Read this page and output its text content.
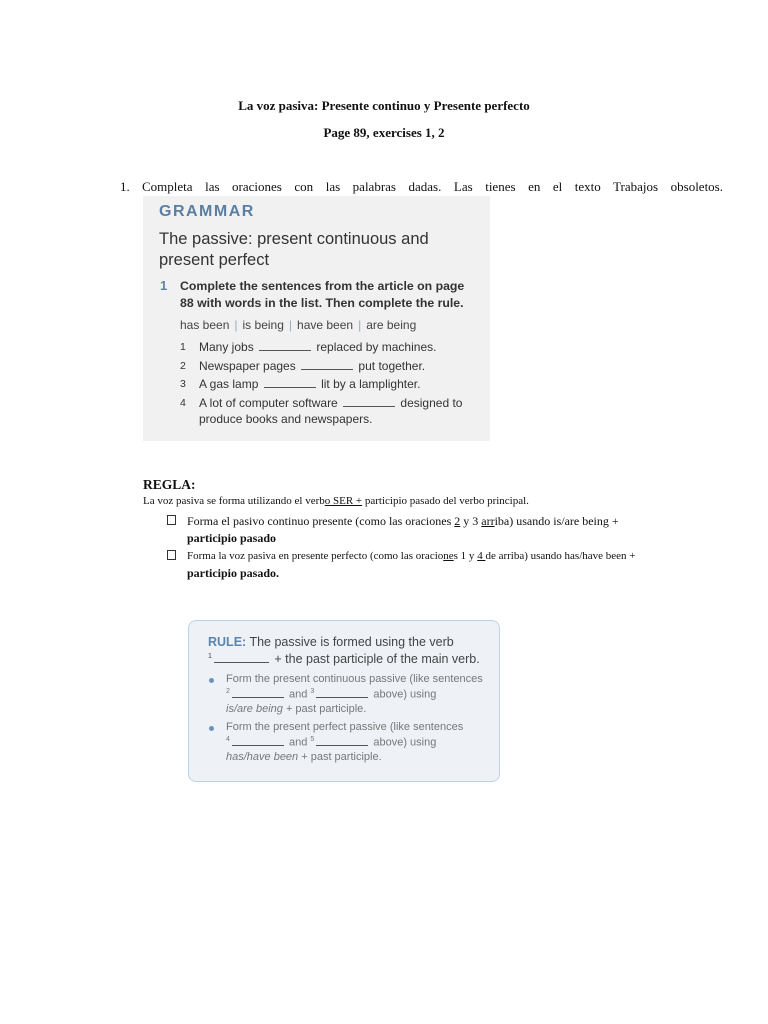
La voz pasiva: Presente continuo y Presente perfecto
Page 89, exercises 1, 2
1. Completa las oraciones con las palabras dadas. Las tienes en el texto Trabajos obsoletos.
GRAMMAR
The passive: present continuous and
present perfect
1 Complete the sentences from the article on page
88 with words in the list. Then complete the rule.
has been | is being | have been | are being
1 Many jobs	replaced by machines.
2 Newspaper pages	put together.
3 A gas lamp	lit by a lamplighter.
4 A lot of computer software	designed to
produce books and newspapers.
REGLA:
La voz pasiva se forma utilizando el verbo SER + participio pasado del verbo principal.
Forma el pasivo continuo presente (como las oraciones 2 y 3 arriba) usando is/are being +
participio pasado
Forma la voz pasiva en presente perfecto (como las oraciones 1 y 4 de arriba) usando has/have been +
participio pasado.
RULE: The passive is formed using the verb
$^1$	+ the past participle of the main verb.
Form the present continuous passive (like sentences
$^2$	and $^3$	above) using
is/are being + past participle.
Form the present perfect passive (like sentences
$^4$	and $^5$	above) using
has/have been + past participle.
